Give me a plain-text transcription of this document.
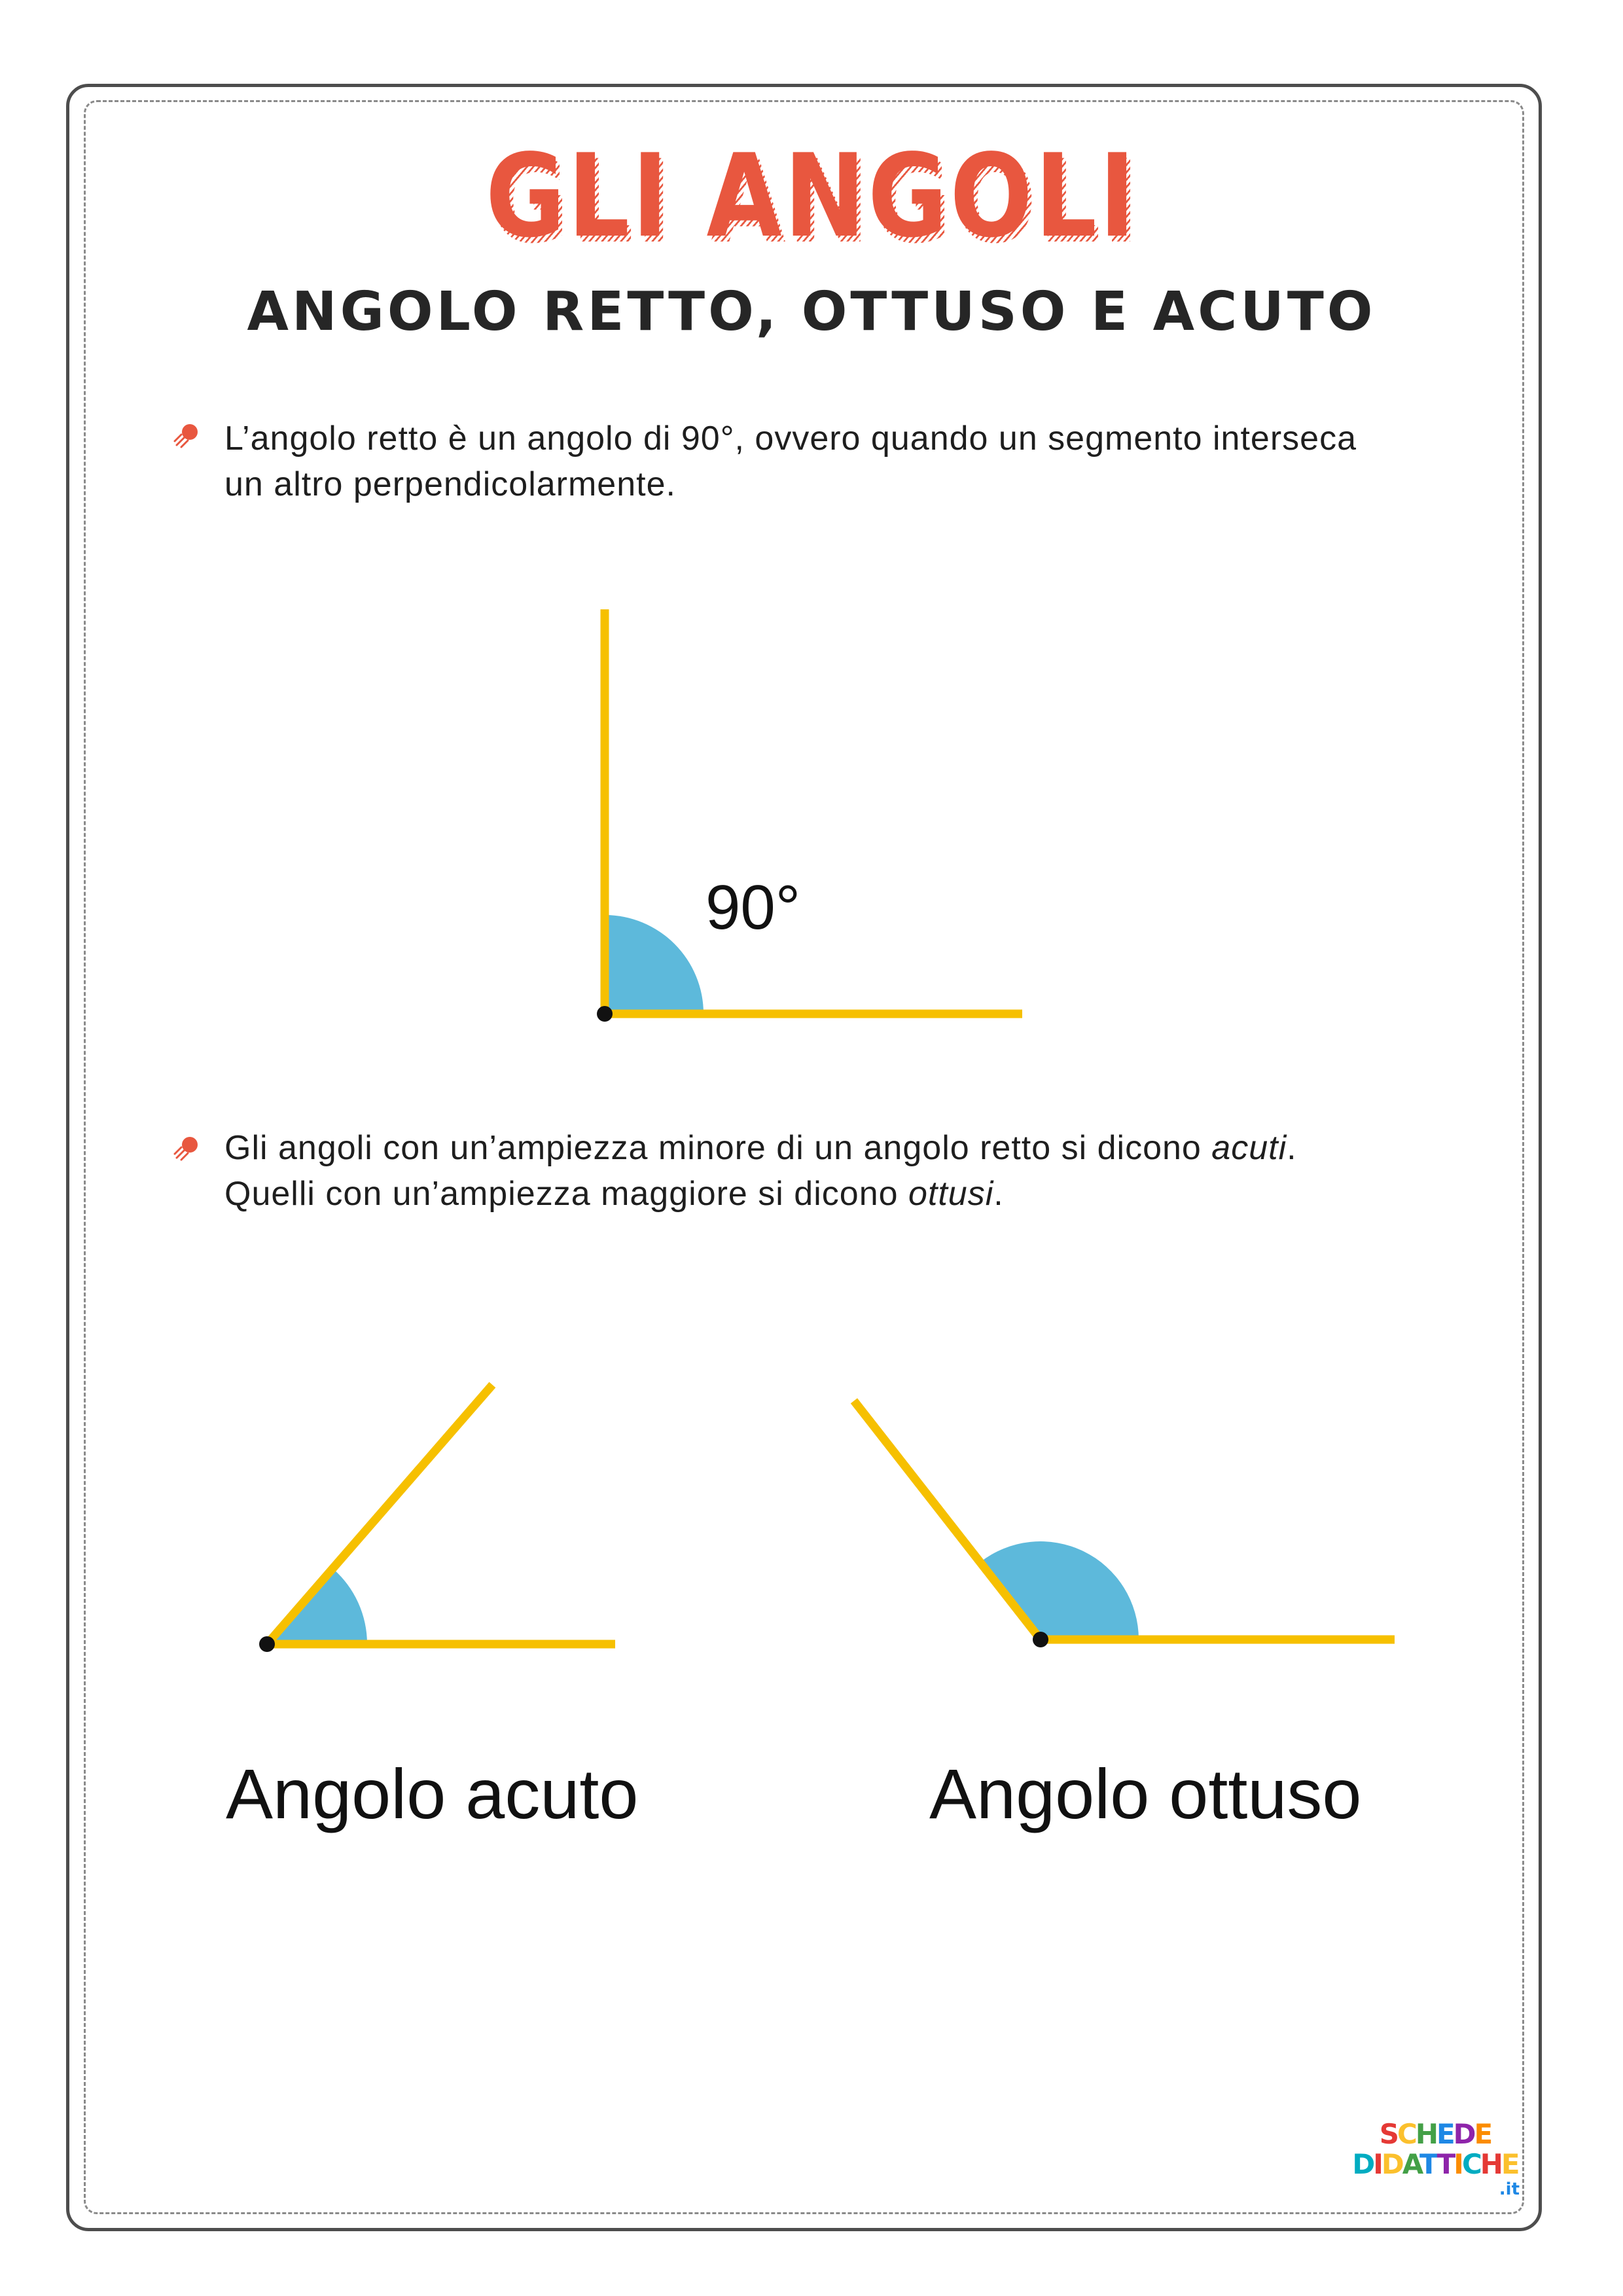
GLI ANGOLI GLI ANGOLI
ANGOLO RETTO, OTTUSO E ACUTO
L’angolo retto è un angolo di 90°, ovvero quando un segmento interseca
un altro perpendicolarmente.
Gli angoli con un’ampiezza minore di un angolo retto si dicono acuti.
Quelli con un’ampiezza maggiore si dicono ottusi.
90°
Angolo acuto	Angolo ottuso
SCHEDE
DIDATTICHE
.it
